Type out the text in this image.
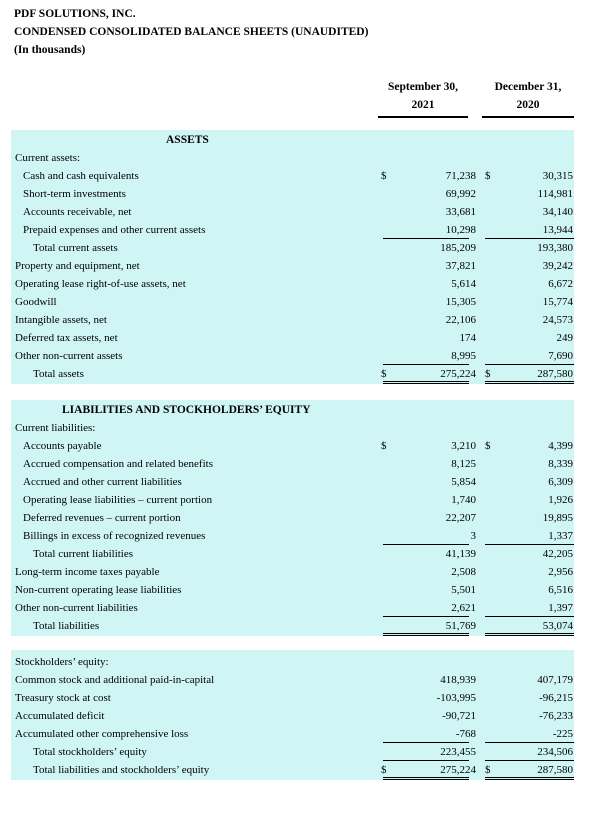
PDF SOLUTIONS, INC.
CONDENSED CONSOLIDATED BALANCE SHEETS (UNAUDITED)
(In thousands)
September 30,
2021
December 31,
2020
ASSETS
LIABILITIES AND STOCKHOLDERS’ EQUITY
Current assets:
Cash and cash equivalents	$	71,238 $	30,315
Short-term investments	69,992	114,981
Accounts receivable, net	33,681	34,140
Prepaid expenses and other current assets	10,298	13,944
Total current assets	185,209	193,380
Property and equipment, net	37,821	39,242
Operating lease right-of-use assets, net	5,614	6,672
Goodwill	15,305	15,774
Intangible assets, net	22,106	24,573
Deferred tax assets, net	174	249
Other non-current assets	8,995	7,690
Total assets	$	275,224 $	287,580
Current liabilities:
Accounts payable	$	3,210 $	4,399
Accrued compensation and related benefits	8,125	8,339
Accrued and other current liabilities	5,854	6,309
Operating lease liabilities – current portion	1,740	1,926
Deferred revenues – current portion	22,207	19,895
Billings in excess of recognized revenues	3	1,337
Total current liabilities	41,139	42,205
Long-term income taxes payable	2,508	2,956
Non-current operating lease liabilities	5,501	6,516
Other non-current liabilities	2,621	1,397
Total liabilities	51,769	53,074
Stockholders’ equity:
Common stock and additional paid-in-capital	418,939	407,179
Treasury stock at cost	-103,995	-96,215
Accumulated deficit	-90,721	-76,233
Accumulated other comprehensive loss	-768	-225
Total stockholders’ equity	223,455	234,506
Total liabilities and stockholders’ equity	$	275,224 $	287,580
